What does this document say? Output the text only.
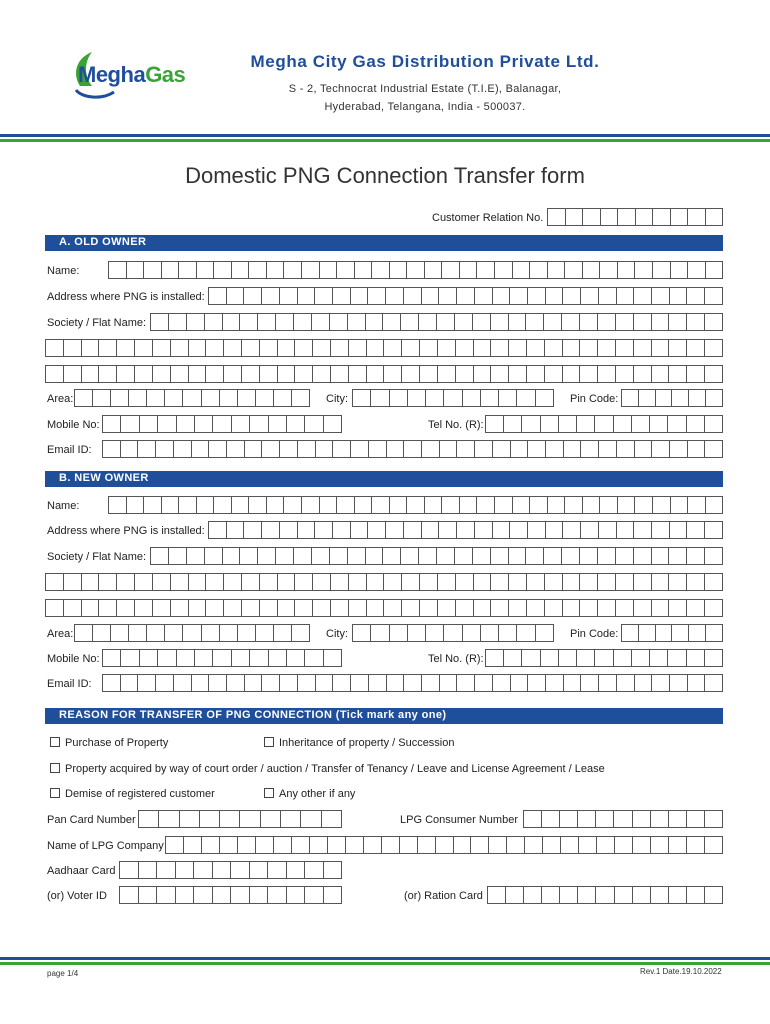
MeghaGas
Megha City Gas Distribution Private Ltd.
S - 2, Technocrat Industrial Estate (T.I.E), Balanagar,
Hyderabad, Telangana, India - 500037.
Domestic PNG Connection Transfer form
Customer Relation No.
A. OLD OWNER
Name:
Address where PNG is installed:
Society / Flat Name:
Area:	City:	Pin Code:
Mobile No:	Tel No. (R):
Email ID:
B. NEW OWNER
Name:
Address where PNG is installed:
Society / Flat Name:
Area:	City:	Pin Code:
Mobile No:	Tel No. (R):
Email ID:
REASON FOR TRANSFER OF PNG CONNECTION (Tick mark any one)
Purchase of Property	Inheritance of property / Succession
Property acquired by way of court order / auction / Transfer of Tenancy / Leave and License Agreement / Lease
Demise of registered customer	Any other if any
Pan Card Number	LPG Consumer Number
Name of LPG Company
Aadhaar Card
(or) Voter ID	(or) Ration Card
page 1/4	Rev.1 Date.19.10.2022
